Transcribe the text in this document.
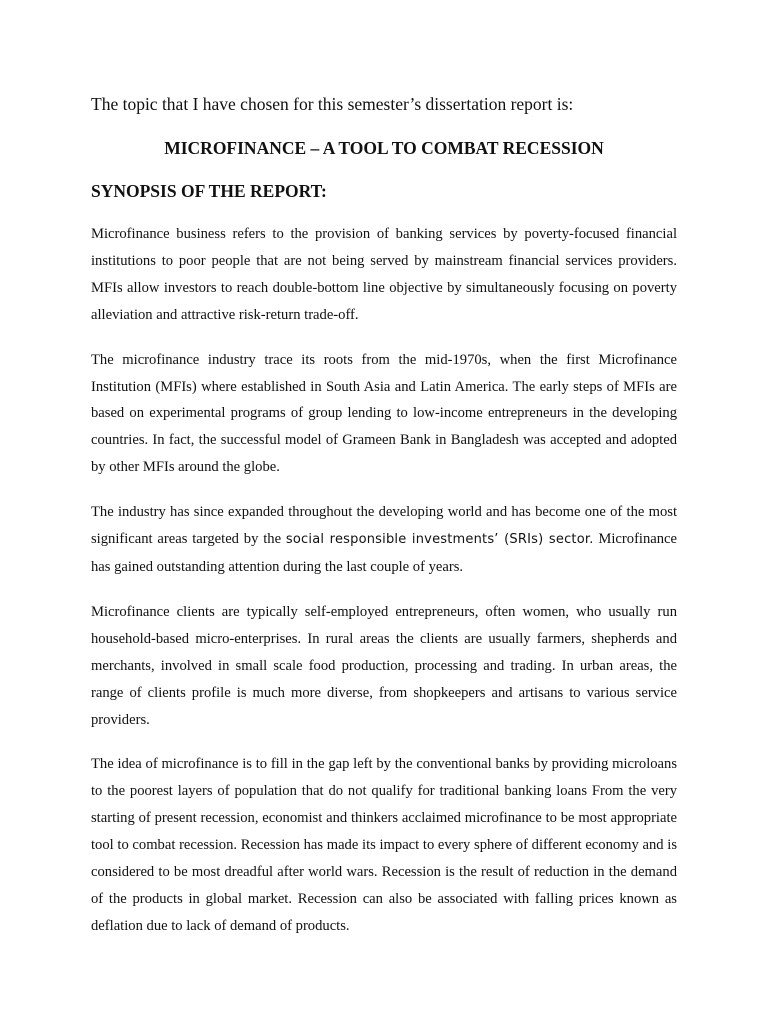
The topic that I have chosen for this semester’s dissertation report is:

MICROFINANCE – A TOOL TO COMBAT RECESSION
SYNOPSIS OF THE REPORT:

Microfinance business refers to the provision of banking services by poverty-focused financial institutions to poor people that are not being served by mainstream financial services providers. MFIs allow investors to reach double-bottom line objective by simultaneously focusing on poverty alleviation and attractive risk-return trade-off.

The microfinance industry trace its roots from the mid-1970s, when the first Microfinance Institution (MFIs) where established in South Asia and Latin America. The early steps of MFIs are based on experimental programs of group lending to low-income entrepreneurs in the developing countries. In fact, the successful model of Grameen Bank in Bangladesh was accepted and adopted by other MFIs around the globe.

The industry has since expanded throughout the developing world and has become one of the most significant areas targeted by the social responsible investments’ (SRIs) sector. Microfinance has gained outstanding attention during the last couple of years.

Microfinance clients are typically self-employed entrepreneurs, often women, who usually run household-based micro-enterprises. In rural areas the clients are usually farmers, shepherds and merchants, involved in small scale food production, processing and trading. In urban areas, the range of clients profile is much more diverse, from shopkeepers and artisans to various service providers.

The idea of microfinance is to fill in the gap left by the conventional banks by providing microloans to the poorest layers of population that do not qualify for traditional banking loans From the very starting of present recession, economist and thinkers acclaimed microfinance to be most appropriate tool to combat recession. Recession has made its impact to every sphere of different economy and is considered to be most dreadful after world wars. Recession is the result of reduction in the demand of the products in global market. Recession can also be associated with falling prices known as deflation due to lack of demand of products.
